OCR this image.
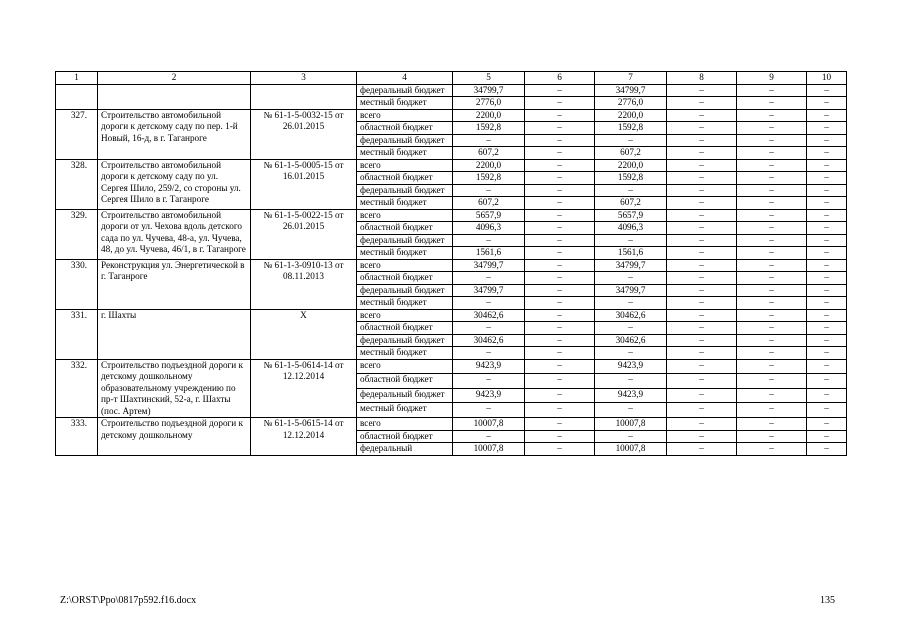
1	2	3	4	5	6	7	8	9	10
			федеральный бюджет	34799,7	–	34799,7	–	–	–
			местный бюджет	2776,0	–	2776,0	–	–	–
327.	Строительство автомобильной дороги к детскому саду по пер. 1-й Новый, 16-д, в г. Таганроге	№ 61-1-5-0032-15 от 26.01.2015	всего	2200,0	–	2200,0	–	–	–
			областной бюджет	1592,8	–	1592,8	–	–	–
			федеральный бюджет	–	–	–	–	–	–
			местный бюджет	607,2	–	607,2	–	–	–
328.	Строительство автомобильной дороги к детскому саду по ул. Сергея Шило, 259/2, со стороны ул. Сергея Шило в г. Таганроге	№ 61-1-5-0005-15 от 16.01.2015	всего	2200,0	–	2200,0	–	–	–
			областной бюджет	1592,8	–	1592,8	–	–	–
			федеральный бюджет	–	–	–	–	–	–
			местный бюджет	607,2	–	607,2	–	–	–
329.	Строительство автомобильной дороги от ул. Чехова вдоль детского сада по ул. Чучева, 48-а, ул. Чучева, 48, до ул. Чучева, 46/1, в г. Таганроге	№ 61-1-5-0022-15 от 26.01.2015	всего	5657,9	–	5657,9	–	–	–
			областной бюджет	4096,3	–	4096,3	–	–	–
			федеральный бюджет	–	–	–	–	–	–
			местный бюджет	1561,6	–	1561,6	–	–	–
330.	Реконструкция ул. Энергетической в г. Таганроге	№ 61-1-3-0910-13 от 08.11.2013	всего	34799,7	–	34799,7	–	–	–
			областной бюджет	–	–	–	–	–	–
			федеральный бюджет	34799,7	–	34799,7	–	–	–
			местный бюджет	–	–	–	–	–	–
331.	г. Шахты	X	всего	30462,6	–	30462,6	–	–	–
			областной бюджет	–	–	–	–	–	–
			федеральный бюджет	30462,6	–	30462,6	–	–	–
			местный бюджет	–	–	–	–	–	–
332.	Строительство подъездной дороги к детскому дошкольному образовательному учреждению по пр-т Шахтинский, 52-а, г. Шахты (пос. Артем)	№ 61-1-5-0614-14 от 12.12.2014	всего	9423,9	–	9423,9	–	–	–
			областной бюджет	–	–	–	–	–	–
			федеральный бюджет	9423,9	–	9423,9	–	–	–
			местный бюджет	–	–	–	–	–	–
333.	Строительство подъездной дороги к детскому дошкольному	№ 61-1-5-0615-14 от 12.12.2014	всего	10007,8	–	10007,8	–	–	–
			областной бюджет	–	–	–	–	–	–
			федеральный	10007,8	–	10007,8	–	–	–
Z:\ORST\Ppo\0817p592.f16.docx	135
